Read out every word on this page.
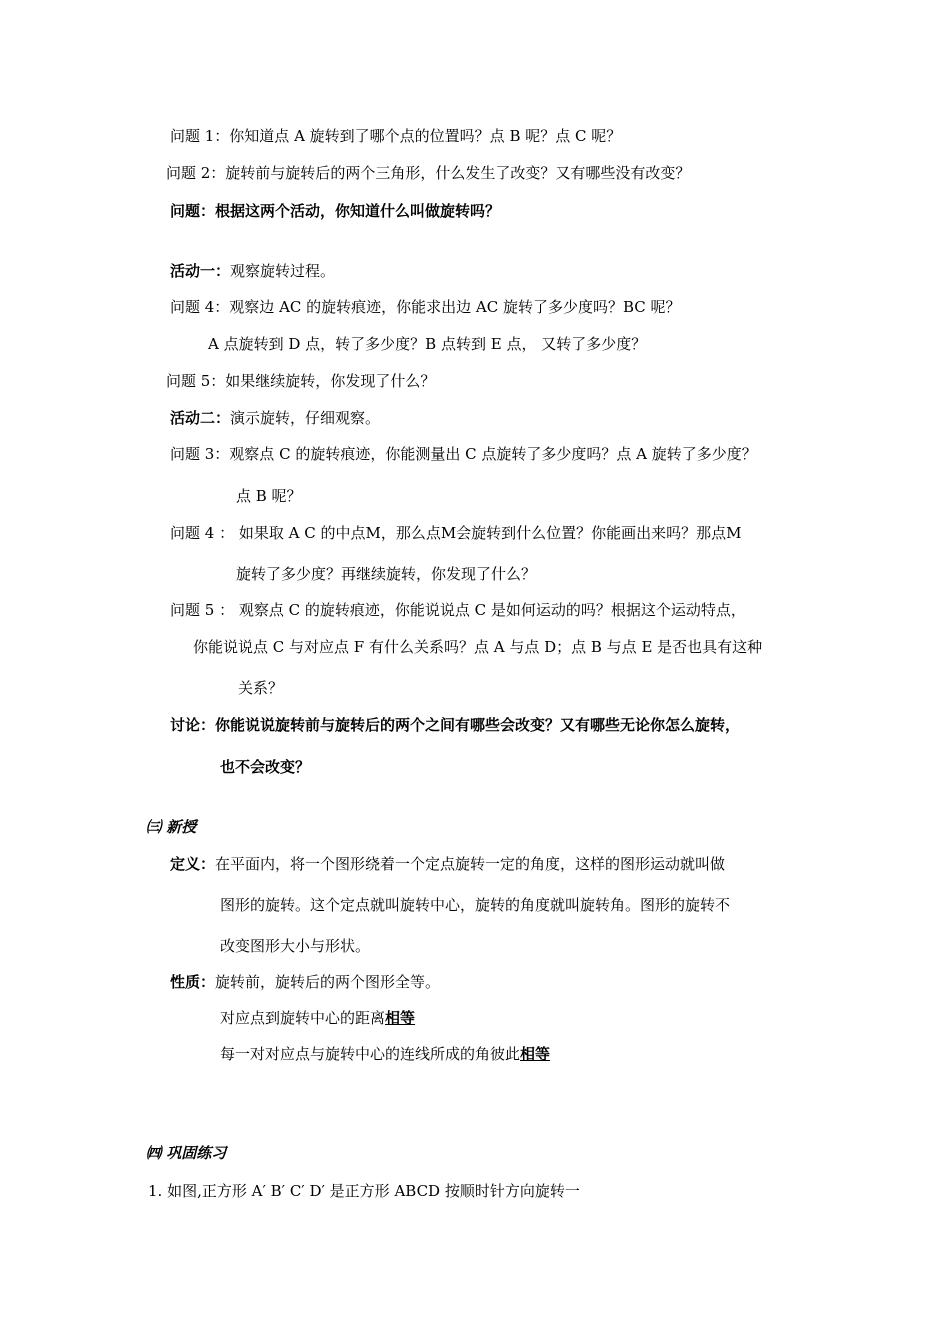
问题 1：你知道点 A 旋转到了哪个点的位置吗？点 B 呢？点 C 呢？
问题 2：旋转前与旋转后的两个三角形，什么发生了改变？又有哪些没有改变？
问题：根据这两个活动，你知道什么叫做旋转吗？
活动一：观察旋转过程。
问题 4：观察边 AC 的旋转痕迹，你能求出边 AC 旋转了多少度吗？BC 呢？
A 点旋转到 D 点，转了多少度？B 点转到 E 点， 又转了多少度？
问题 5：如果继续旋转，你发现了什么？
活动二：演示旋转，仔细观察。
问题 3：观察点 C 的旋转痕迹，你能测量出 C 点旋转了多少度吗？点 A 旋转了多少度？
点 B 呢？
问题 4 ： 如果取 A C 的中点M，那么点M会旋转到什么位置？你能画出来吗？那点M
旋转了多少度？再继续旋转，你发现了什么？
问题 5 ： 观察点 C 的旋转痕迹，你能说说点 C 是如何运动的吗？根据这个运动特点，
你能说说点 C 与对应点 F 有什么关系吗？点 A 与点 D；点 B 与点 E 是否也具有这种
关系？
讨论：你能说说旋转前与旋转后的两个之间有哪些会改变？又有哪些无论你怎么旋转，
也不会改变？
㈢ 新授
定义：在平面内，将一个图形绕着一个定点旋转一定的角度，这样的图形运动就叫做
图形的旋转。这个定点就叫旋转中心，旋转的角度就叫旋转角。图形的旋转不
改变图形大小与形状。
性质：旋转前，旋转后的两个图形全等。
对应点到旋转中心的距离相等
每一对对应点与旋转中心的连线所成的角彼此相等
㈣ 巩固练习
1. 如图,正方形 A′ B′ C′ D′ 是正方形 ABCD 按顺时针方向旋转一
